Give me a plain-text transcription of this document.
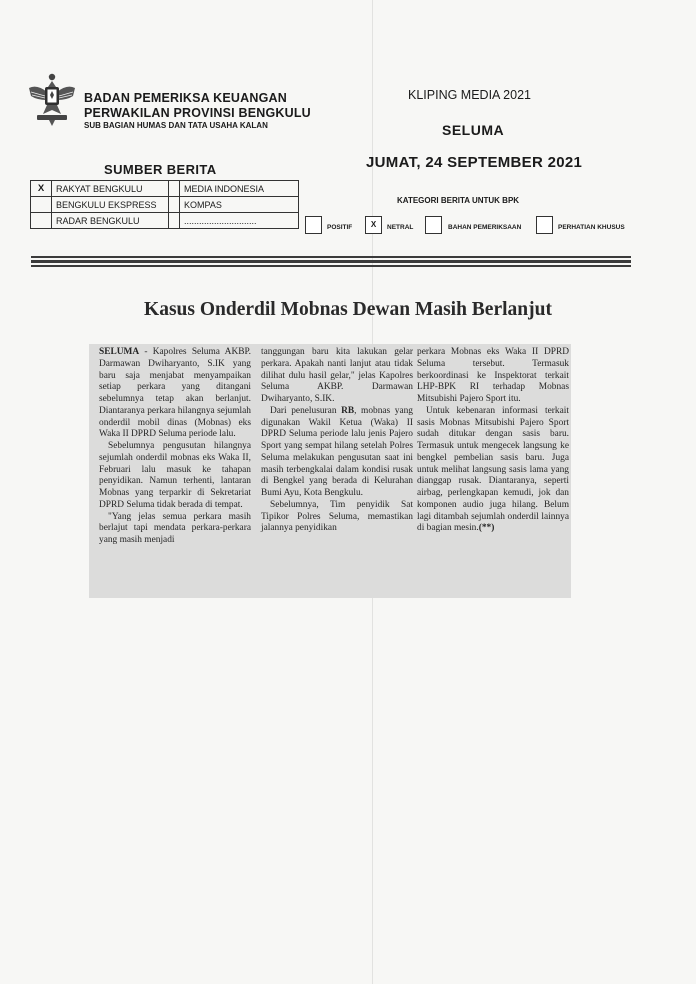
BADAN PEMERIKSA KEUANGAN
PERWAKILAN PROVINSI BENGKULU
SUB BAGIAN HUMAS DAN TATA USAHA KALAN
KLIPING MEDIA 2021
SELUMA
JUMAT, 24 SEPTEMBER 2021
SUMBER BERITA
X	RAKYAT BENGKULU		MEDIA INDONESIA
	BENGKULU EKSPRESS		KOMPAS
	RADAR BENGKULU		.............................
KATEGORI BERITA UNTUK BPK
POSITIF	X	NETRAL	BAHAN PEMERIKSAAN	PERHATIAN KHUSUS
Kasus Onderdil Mobnas Dewan Masih Berlanjut

SELUMA - Kapolres Seluma AKBP. Darmawan Dwiharyanto, S.IK yang baru saja menjabat menyampaikan setiap perkara yang ditangani sebelumnya tetap akan berlanjut. Diantaranya perkara hilangnya sejumlah onderdil mobil dinas (Mobnas) eks Waka II DPRD Seluma periode lalu.

Sebelumnya pengusutan hilangnya sejumlah onderdil mobnas eks Waka II, Februari lalu masuk ke tahapan penyidikan. Namun terhenti, lantaran Mobnas yang terparkir di Sekretariat DPRD Seluma tidak berada di tempat.

"Yang jelas semua perkara masih berlajut tapi mendata perkara-perkara yang masih menjadi

tanggungan baru kita lakukan gelar perkara. Apakah nanti lanjut atau tidak dilihat dulu hasil gelar," jelas Kapolres Seluma AKBP. Darmawan Dwiharyanto, S.IK.

Dari penelusuran RB, mobnas yang digunakan Wakil Ketua (Waka) II DPRD Seluma periode lalu jenis Pajero Sport yang sempat hilang setelah Polres Seluma melakukan pengusutan saat ini masih terbengkalai dalam kondisi rusak di Bengkel yang berada di Kelurahan Bumi Ayu, Kota Bengkulu.

Sebelumnya, Tim penyidik Sat Tipikor Polres Seluma, memastikan jalannya penyidikan

perkara Mobnas eks Waka II DPRD Seluma tersebut. Termasuk berkoordinasi ke Inspektorat terkait LHP-BPK RI terhadap Mobnas Mitsubishi Pajero Sport itu.

Untuk kebenaran informasi terkait sasis Mobnas Mitsubishi Pajero Sport sudah ditukar dengan sasis baru. Termasuk untuk mengecek langsung ke bengkel pembelian sasis baru. Juga untuk melihat langsung sasis lama yang dianggap rusak. Diantaranya, seperti airbag, perlengkapan kemudi, jok dan komponen audio juga hilang. Belum lagi ditambah sejumlah onderdil lainnya di bagian mesin.(**)
